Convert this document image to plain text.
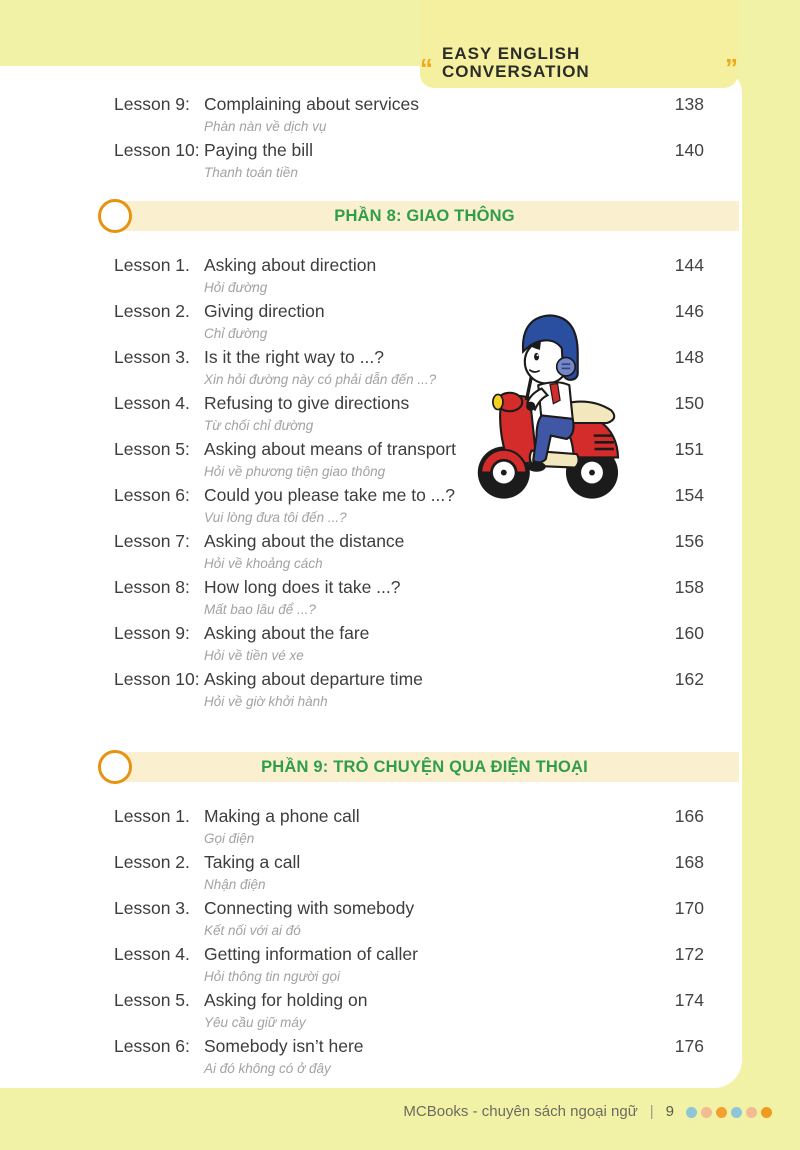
Lesson 9: Complaining about services
Phàn nàn về dịch vụ
138
Lesson 10: Paying the bill
Thanh toán tiền
140
PHẦN 8: GIAO THÔNG
Lesson 1. Asking about direction
Hỏi đường
144
Lesson 2. Giving direction
Chỉ đường
146
Lesson 3. Is it the right way to ...?
Xin hỏi đường này có phải dẫn đến ...?
148
Lesson 4. Refusing to give directions
Từ chối chỉ đường
150
Lesson 5: Asking about means of transport
Hỏi về phương tiện giao thông
151
Lesson 6: Could you please take me to ...?
Vui lòng đưa tôi đến ...?
154
Lesson 7: Asking about the distance
Hỏi về khoảng cách
156
Lesson 8: How long does it take ...?
Mất bao lâu để ...?
158
Lesson 9: Asking about the fare
Hỏi về tiền vé xe
160
Lesson 10: Asking about departure time
Hỏi về giờ khởi hành
162
PHẦN 9: TRÒ CHUYỆN QUA ĐIỆN THOẠI
Lesson 1. Making a phone call
Gọi điện
166
Lesson 2. Taking a call
Nhận điện
168
Lesson 3. Connecting with somebody
Kết nối với ai đó
170
Lesson 4. Getting information of caller
Hỏi thông tin người gọi
172
Lesson 5. Asking for holding on
Yêu cầu giữ máy
174
Lesson 6: Somebody isn’t here
Ai đó không có ở đây
176
“ EASY ENGLISH CONVERSATION	”
MCBooks - chuyên sách ngoại ngữ | 9
